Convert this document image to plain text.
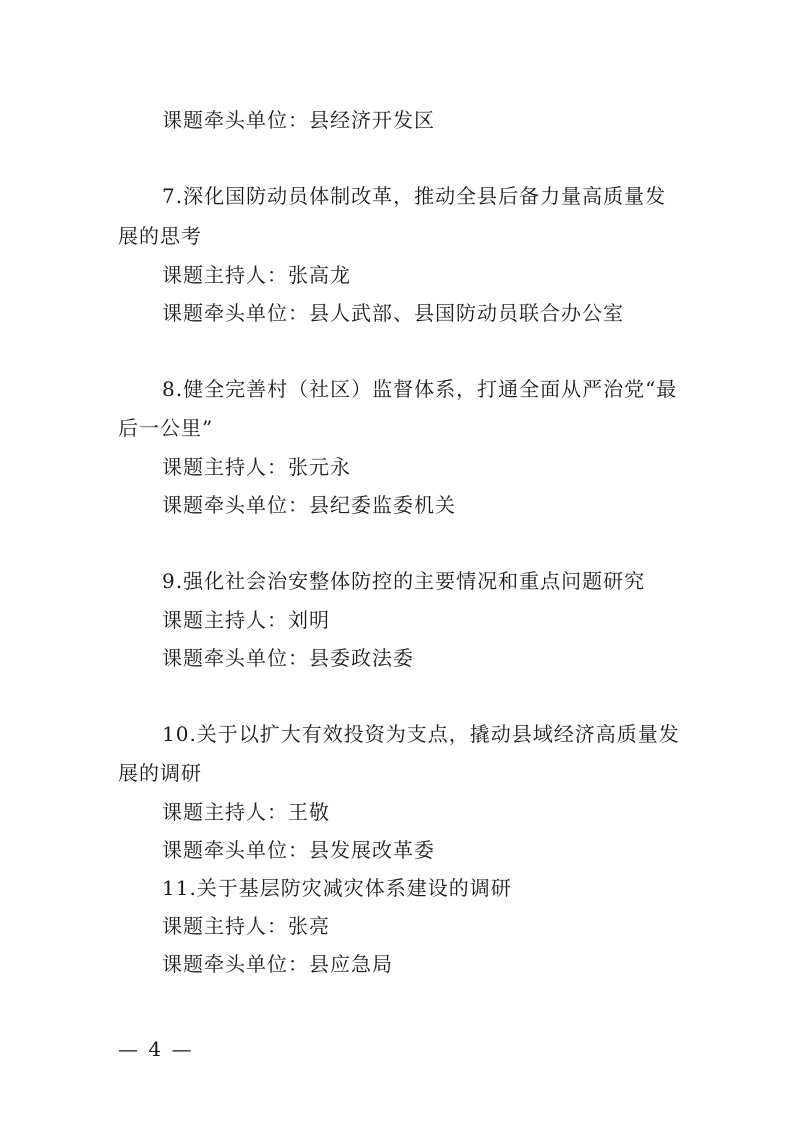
课题牵头单位：县经济开发区
7.深化国防动员体制改革，推动全县后备力量高质量发
展的思考
课题主持人：张高龙
课题牵头单位：县人武部、县国防动员联合办公室
8.健全完善村（社区）监督体系，打通全面从严治党“最
后一公里”
课题主持人：张元永
课题牵头单位：县纪委监委机关
9.强化社会治安整体防控的主要情况和重点问题研究
课题主持人：刘明
课题牵头单位：县委政法委
10.关于以扩大有效投资为支点，撬动县域经济高质量发
展的调研
课题主持人：王敬
课题牵头单位：县发展改革委
11.关于基层防灾减灾体系建设的调研
课题主持人：张亮
课题牵头单位：县应急局
— 4 —
